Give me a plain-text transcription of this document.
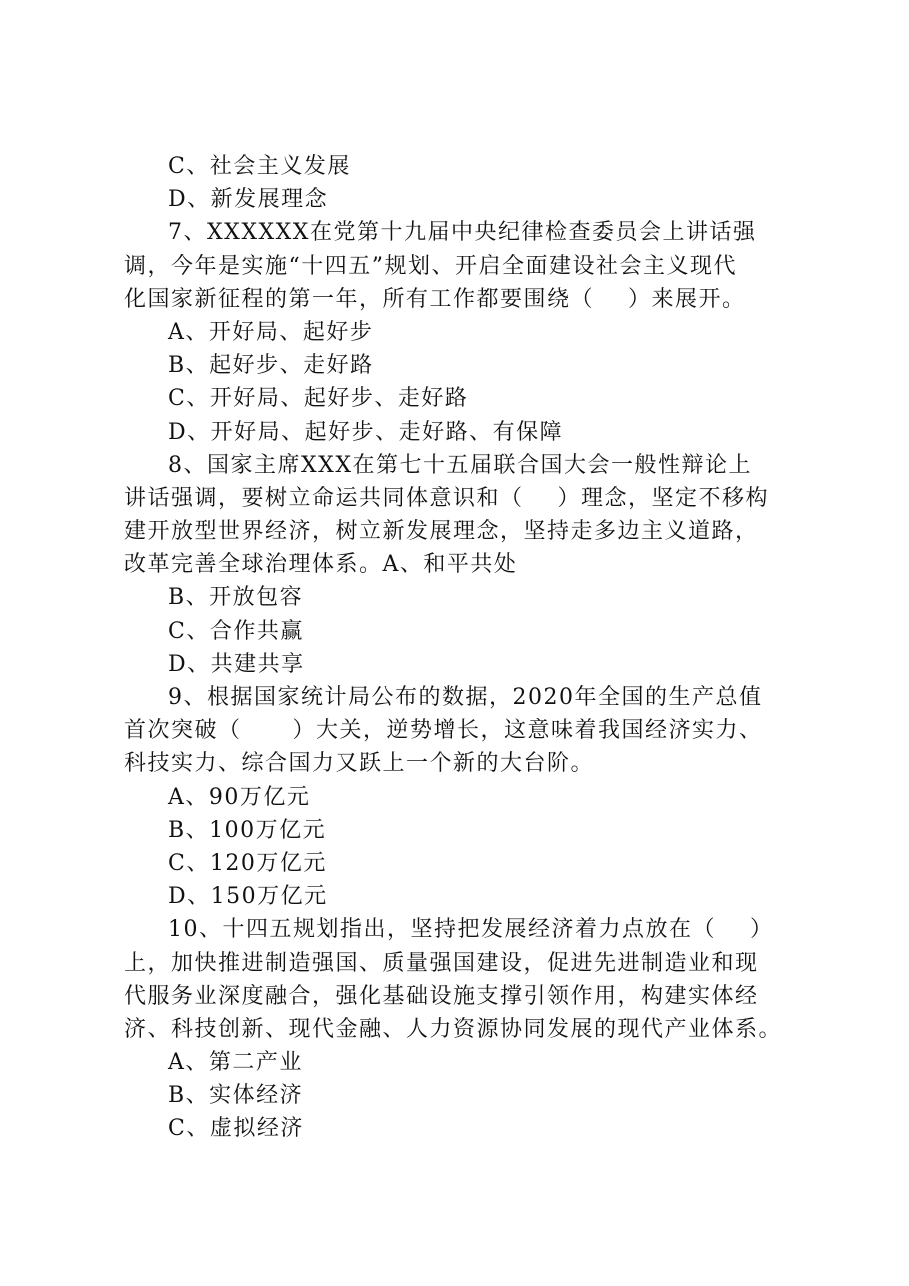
C、社会主义发展
D、新发展理念
7、XXXXXX在党第十九届中央纪律检查委员会上讲话强
调，今年是实施“十四五”规划、开启全面建设社会主义现代
化国家新征程的第一年，所有工作都要围绕（    ）来展开。
A、开好局、起好步
B、起好步、走好路
C、开好局、起好步、走好路
D、开好局、起好步、走好路、有保障
8、国家主席XXX在第七十五届联合国大会一般性辩论上
讲话强调，要树立命运共同体意识和（    ）理念，坚定不移构
建开放型世界经济，树立新发展理念，坚持走多边主义道路，
改革完善全球治理体系。A、和平共处
B、开放包容
C、合作共赢
D、共建共享
9、根据国家统计局公布的数据，2020年全国的生产总值
首次突破（      ）大关，逆势增长，这意味着我国经济实力、
科技实力、综合国力又跃上一个新的大台阶。
A、90万亿元
B、100万亿元
C、120万亿元
D、150万亿元
10、十四五规划指出，坚持把发展经济着力点放在（    ）
上，加快推进制造强国、质量强国建设，促进先进制造业和现
代服务业深度融合，强化基础设施支撑引领作用，构建实体经
济、科技创新、现代金融、人力资源协同发展的现代产业体系。
A、第二产业
B、实体经济
C、虚拟经济
